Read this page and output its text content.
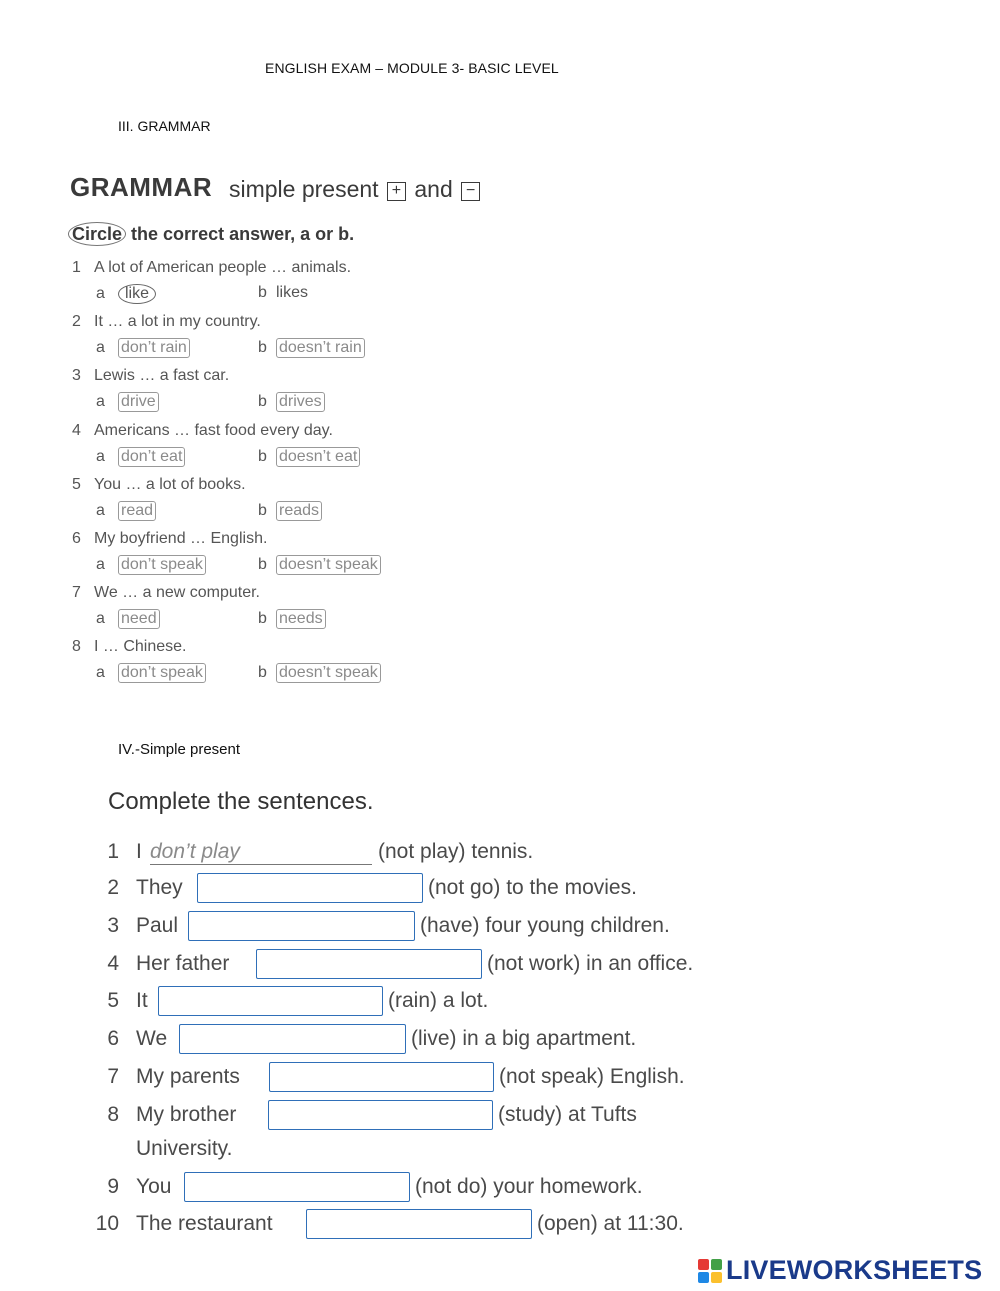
ENGLISH EXAM – MODULE 3- BASIC LEVEL
III. GRAMMAR
GRAMMAR simple present + and −
Circle the correct answer, a or b.
1 A lot of American people … animals.
a like	b likes
2 It … a lot in my country.
a don’t rain	b doesn’t rain
3 Lewis … a fast car.
a drive	b drives
4 Americans … fast food every day.
a don’t eat	b doesn’t eat
5 You … a lot of books.
a read	b reads
6 My boyfriend … English.
a don’t speak	b doesn’t speak
7 We … a new computer.
a need	b needs
8 I … Chinese.
a don’t speak	b doesn’t speak
IV.-Simple present
Complete the sentences.
1 I don’t play	(not play) tennis.
2 They	(not go) to the movies.
3 Paul	(have) four young children.
4 Her father	(not work) in an office.
5 It	(rain) a lot.
6 We	(live) in a big apartment.
7 My parents	(not speak) English.
8 My brother	(study) at Tufts
University.
9 You	(not do) your homework.
10 The restaurant	(open) at 11:30.
LIVEWORKSHEETS
